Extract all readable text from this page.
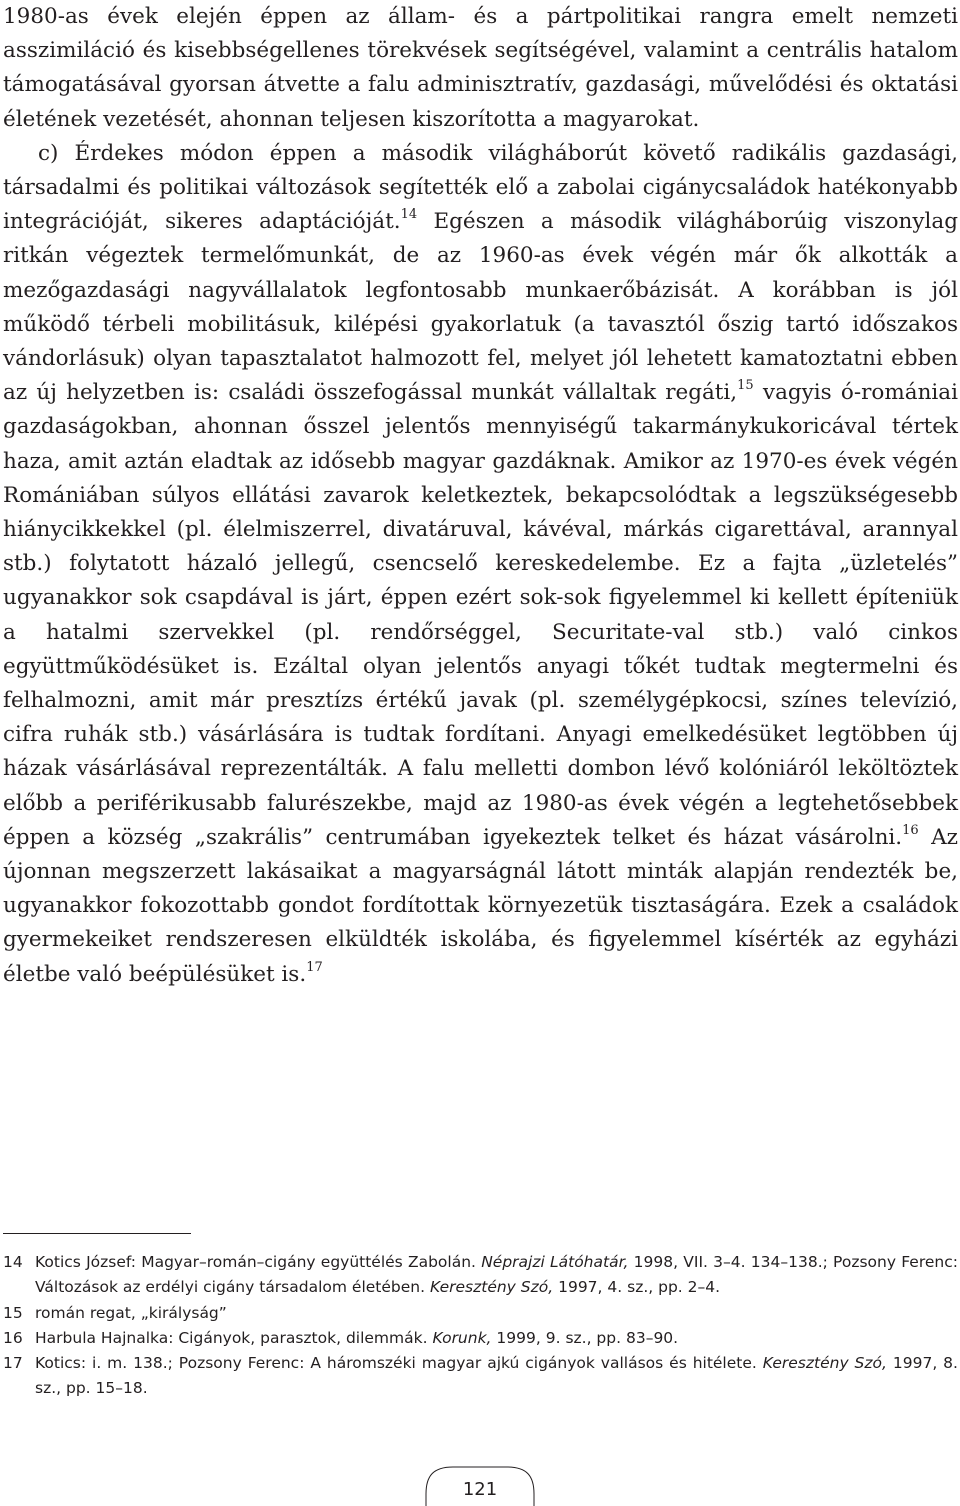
1980-as évek elején éppen az állam- és a pártpolitikai rangra emelt nemzeti asszimiláció és kisebbségellenes törekvések segítségével, valamint a centrális hatalom támogatásával gyorsan átvette a falu adminisztratív, gazdasági, művelődési és oktatási életének vezetését, ahonnan teljesen kiszorította a magyarokat.

c) Érdekes módon éppen a második világháborút követő radikális gazdasági, társadalmi és politikai változások segítették elő a zabolai cigánycsaládok hatékonyabb integrációját, sikeres adaptációját.$^{14}$ Egészen a második világháborúig viszonylag ritkán végeztek termelőmunkát, de az 1960-as évek végén már ők alkották a mezőgazdasági nagyvállalatok legfontosabb munkaerőbázisát. A korábban is jól működő térbeli mobilitásuk, kilépési gyakorlatuk (a tavasztól őszig tartó időszakos vándorlásuk) olyan tapasztalatot halmozott fel, melyet jól lehetett kamatoztatni ebben az új helyzetben is: családi összefogással munkát vállaltak regáti,$^{15}$ vagyis ó-romániai gazdaságokban, ahonnan ősszel jelentős mennyiségű takarmánykukoricával tértek haza, amit aztán eladtak az idősebb magyar gazdáknak. Amikor az 1970-es évek végén Romániában súlyos ellátási zavarok keletkeztek, bekapcsolódtak a legszükségesebb hiánycikkekkel (pl. élelmiszerrel, divatáruval, kávéval, márkás cigarettával, arannyal stb.) folytatott házaló jellegű, csencselő kereskedelembe. Ez a fajta „üzletelés” ugyanakkor sok csapdával is járt, éppen ezért sok-sok figyelemmel ki kellett építeniük a hatalmi szervekkel (pl. rendőrséggel, Securitate-val stb.) való cinkos együttműködésüket is. Ezáltal olyan jelentős anyagi tőkét tudtak megtermelni és felhalmozni, amit már presztízs értékű javak (pl. személygépkocsi, színes televízió, cifra ruhák stb.) vásárlására is tudtak fordítani. Anyagi emelkedésüket legtöbben új házak vásárlásával reprezentálták. A falu melletti dombon lévő kolóniáról leköltöztek előbb a periférikusabb falurészekbe, majd az 1980-as évek végén a legtehetősebbek éppen a község „szakrális” centrumában igyekeztek telket és házat vásárolni.$^{16}$ Az újonnan megszerzett lakásaikat a magyarságnál látott minták alapján rendezték be, ugyanakkor fokozottabb gondot fordítottak környezetük tisztaságára. Ezek a családok gyermekeiket rendszeresen elküldték iskolába, és figyelemmel kísérték az egyházi életbe való beépülésüket is.$^{17}$

14 Kotics József: Magyar–román–cigány együttélés Zabolán. Néprajzi Látóhatár, 1998, VII. 3–4. 134–138.; Pozsony Ferenc: Változások az erdélyi cigány társadalom életében. Keresztény Szó, 1997, 4. sz., pp. 2–4.
15 román regat, „királyság”
16 Harbula Hajnalka: Cigányok, parasztok, dilemmák. Korunk, 1999, 9. sz., pp. 83–90.
17 Kotics: i. m. 138.; Pozsony Ferenc: A háromszéki magyar ajkú cigányok vallásos és hitélete. Keresztény Szó, 1997, 8. sz., pp. 15–18.
121
